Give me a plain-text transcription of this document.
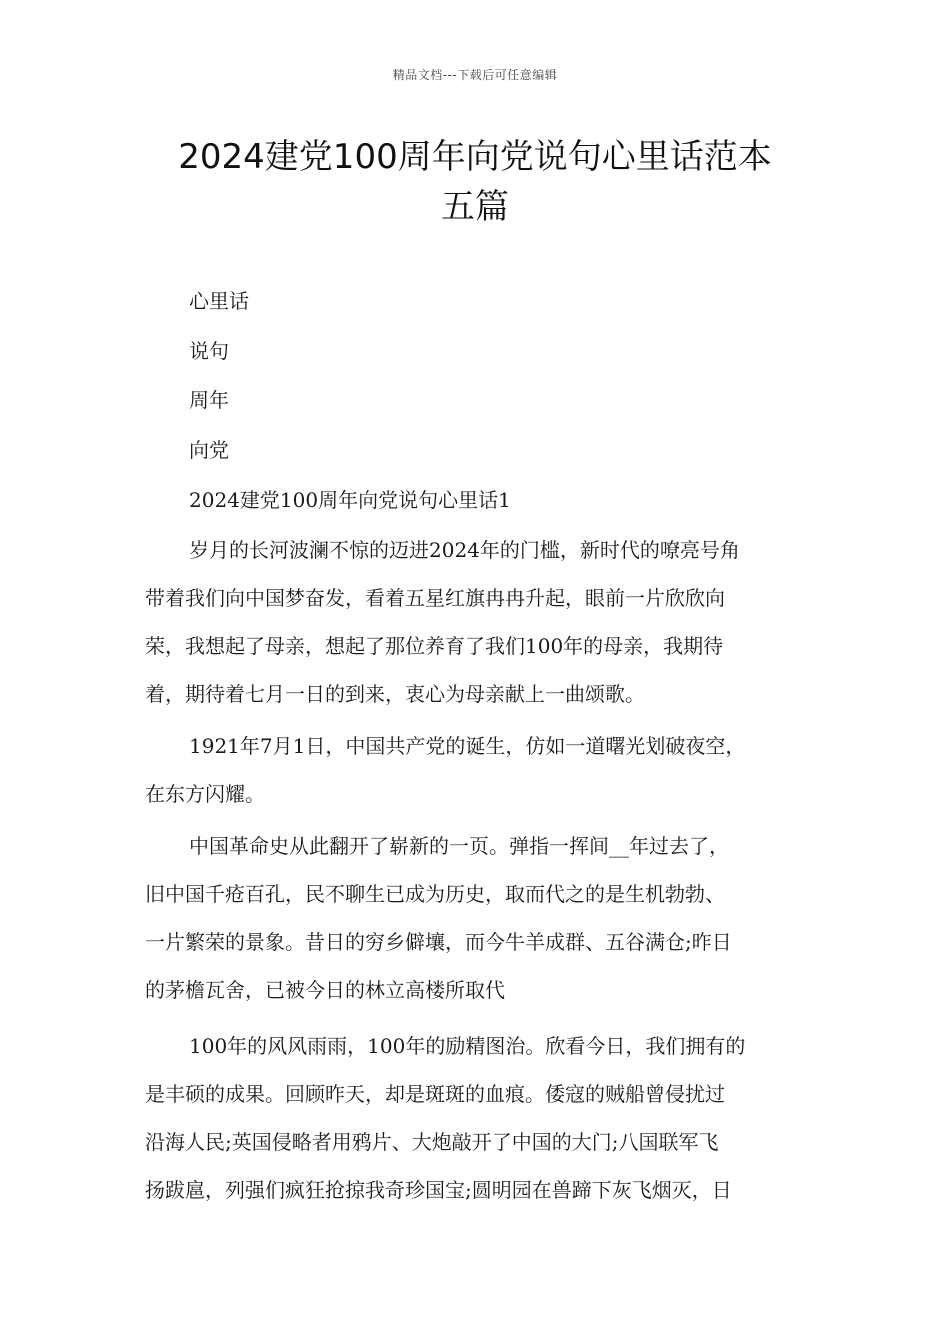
精品文档---下载后可任意编辑
2024建党100周年向党说句心里话范本
五篇
心里话
说句
周年
向党
2024建党100周年向党说句心里话1
岁月的长河波澜不惊的迈进2024年的门槛，新时代的嘹亮号角
带着我们向中国梦奋发，看着五星红旗冉冉升起，眼前一片欣欣向
荣，我想起了母亲，想起了那位养育了我们100年的母亲，我期待
着，期待着七月一日的到来，衷心为母亲献上一曲颂歌。
1921年7月1日，中国共产党的诞生，仿如一道曙光划破夜空，
在东方闪耀。
中国革命史从此翻开了崭新的一页。弹指一挥间__年过去了，
旧中国千疮百孔，民不聊生已成为历史，取而代之的是生机勃勃、
一片繁荣的景象。昔日的穷乡僻壤，而今牛羊成群、五谷满仓;昨日
的茅檐瓦舍，已被今日的林立高楼所取代
100年的风风雨雨，100年的励精图治。欣看今日，我们拥有的
是丰硕的成果。回顾昨天，却是斑斑的血痕。倭寇的贼船曾侵扰过
沿海人民;英国侵略者用鸦片、大炮敲开了中国的大门;八国联军飞
扬跋扈，列强们疯狂抢掠我奇珍国宝;圆明园在兽蹄下灰飞烟灭，日
